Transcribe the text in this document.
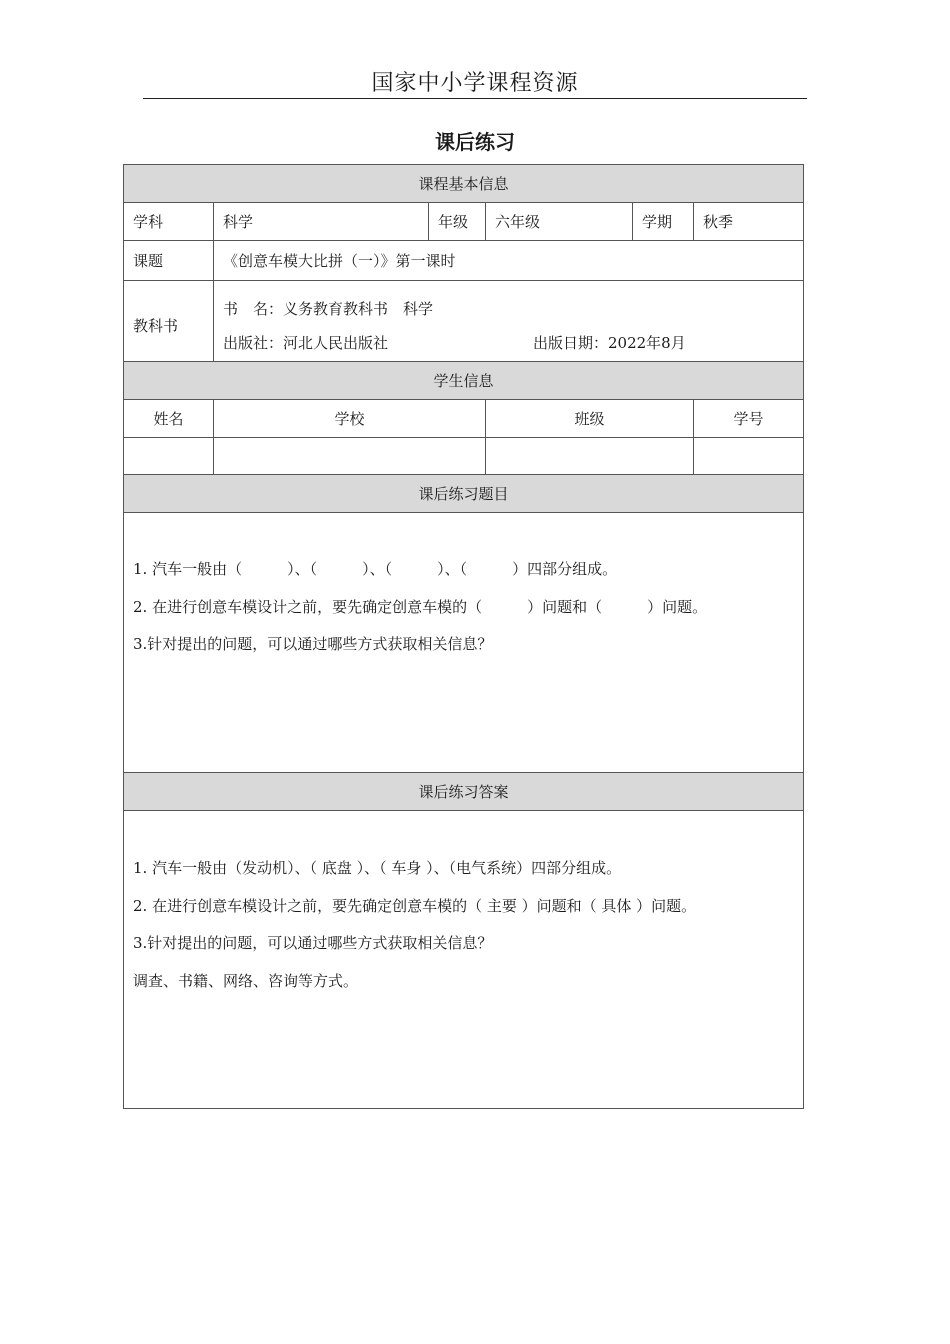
国家中小学课程资源
课后练习
课程基本信息					
学科	科学	年级	六年级	学期	秋季
课题	《创意车模大比拼（一）》第一课时				
教科书	书　名：义务教育教科书　科学
出版社：河北人民出版社 出版日期：2022年8月				

学生信息					
姓名	学校		班级		学号

课后练习题目					

1. 汽车一般由（　　　）、（　　　）、（　　　）、（　　　）四部分组成。
2. 在进行创意车模设计之前，要先确定创意车模的（　　　）问题和（　　　）问题。
3.针对提出的问题，可以通过哪些方式获取相关信息？					

课后练习答案					

1. 汽车一般由（发动机）、（ 底盘 ）、（ 车身 ）、（电气系统）四部分组成。
2. 在进行创意车模设计之前，要先确定创意车模的（ 主要 ）问题和（ 具体 ）问题。
3.针对提出的问题，可以通过哪些方式获取相关信息？
调查、书籍、网络、咨询等方式。					
